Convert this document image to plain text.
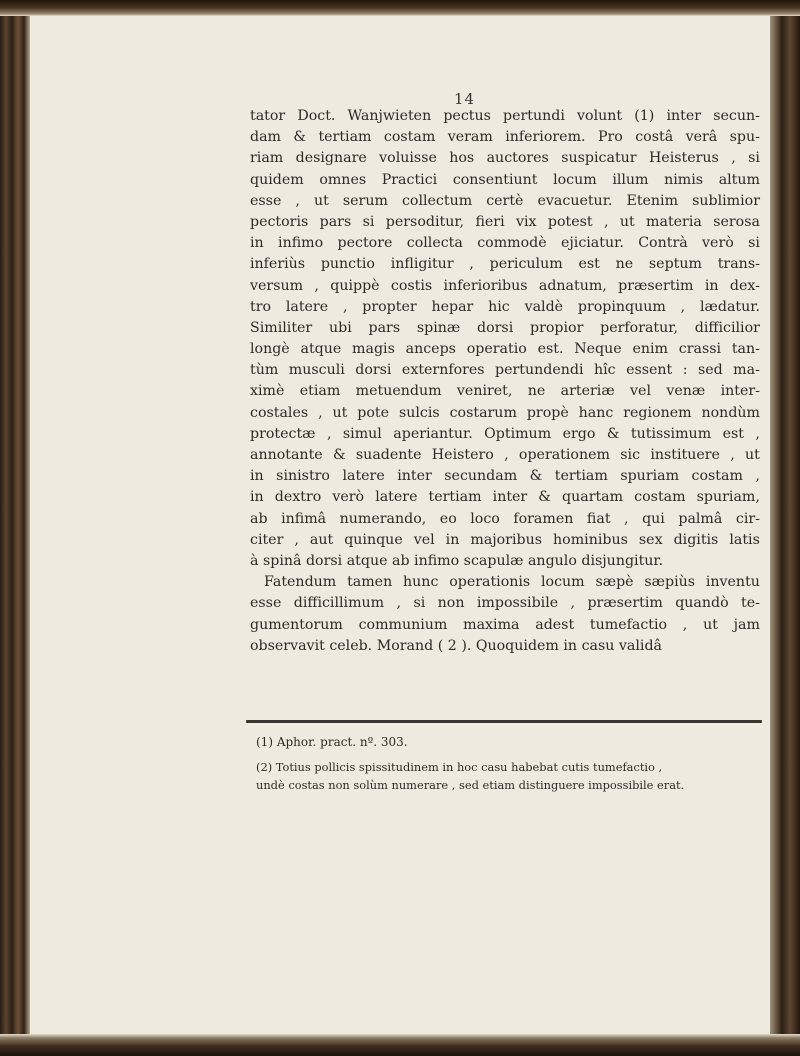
14
tator Doct. Wanjwieten pectus pertundi volunt (1) inter secun-
dam & tertiam costam veram inferiorem. Pro costâ verâ spu-
riam designare voluisse hos auctores suspicatur Heisterus , si
quidem omnes Practici consentiunt locum illum nimis altum
esse , ut serum collectum certè evacuetur. Etenim sublimior
pectoris pars si persoditur, fieri vix potest , ut materia serosa
in infimo pectore collecta commodè ejiciatur. Contrà verò si
inferiùs punctio infligitur , periculum est ne septum trans-
versum , quippè costis inferioribus adnatum, præsertim in dex-
tro latere , propter hepar hic valdè propinquum , lædatur.
Similiter ubi pars spinæ dorsi propior perforatur, difficilior
longè atque magis anceps operatio est. Neque enim crassi tan-
tùm musculi dorsi externfores pertundendi hîc essent : sed ma-
ximè etiam metuendum veniret, ne arteriæ vel venæ inter-
costales , ut pote sulcis costarum propè hanc regionem nondùm
protectæ , simul aperiantur. Optimum ergo & tutissimum est ,
annotante & suadente Heistero , operationem sic instituere , ut
in sinistro latere inter secundam & tertiam spuriam costam ,
in dextro verò latere tertiam inter & quartam costam spuriam,
ab infimâ numerando, eo loco foramen fiat , qui palmâ cir-
citer , aut quinque vel in majoribus hominibus sex digitis latis
à spinâ dorsi atque ab infimo scapulæ angulo disjungitur.
Fatendum tamen hunc operationis locum sæpè sæpiùs inventu
esse difficillimum , si non impossibile , præsertim quandò te-
gumentorum communium maxima adest tumefactio , ut jam
observavit celeb. Morand ( 2 ). Quoquidem in casu validâ
(1) Aphor. pract. nº. 303.
(2) Totius pollicis spissitudinem in hoc casu habebat cutis tumefactio ,
undè costas non solùm numerare , sed etiam distinguere impossibile erat.
